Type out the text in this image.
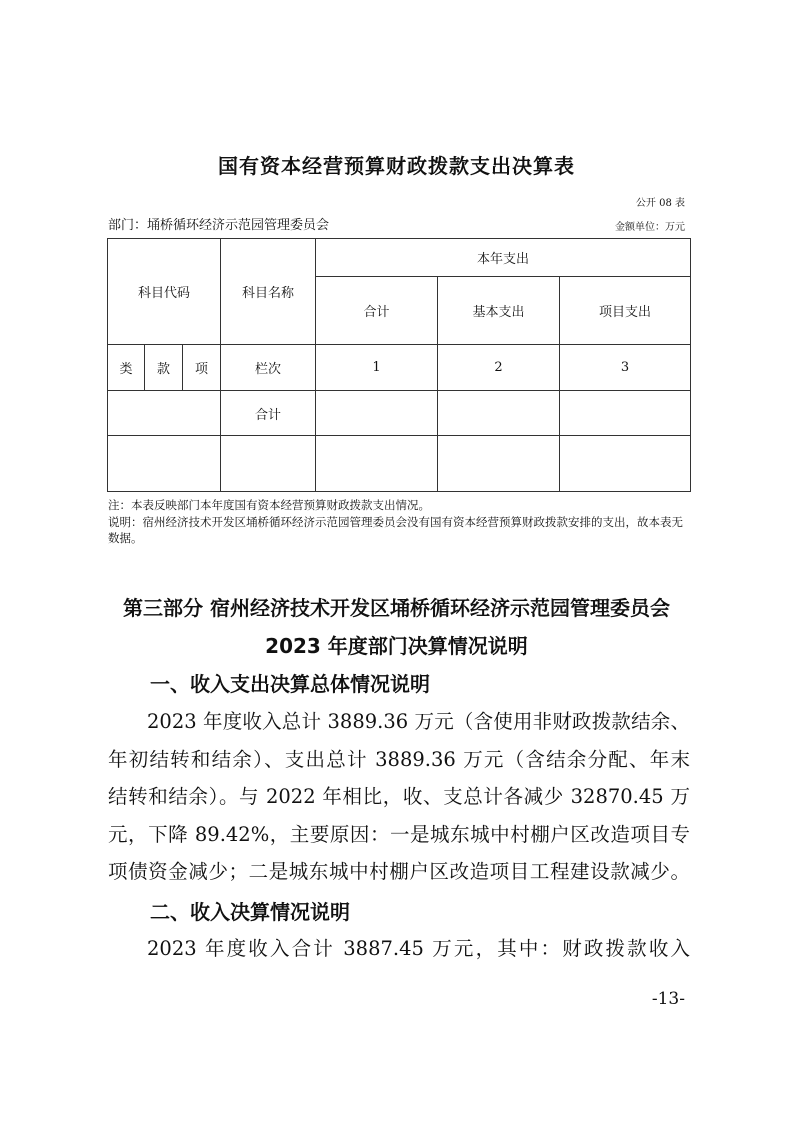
国有资本经营预算财政拨款支出决算表
公开 08 表
部门：埇桥循环经济示范园管理委员会	金额单位：万元
科目代码			科目名称	本年支出		
				合计	基本支出	项目支出
类	款	项	栏次	1	2	3
			合计			

注：本表反映部门本年度国有资本经营预算财政拨款支出情况。
说明：宿州经济技术开发区埇桥循环经济示范园管理委员会没有国有资本经营预算财政拨款安排的支出，故本表无数据。
第三部分 宿州经济技术开发区埇桥循环经济示范园管理委员会
2023 年度部门决算情况说明
一、收入支出决算总体情况说明
2023 年度收入总计 3889.36 万元（含使用非财政拨款结余、
年初结转和结余）、支出总计 3889.36 万元（含结余分配、年末
结转和结余）。与 2022 年相比，收、支总计各减少 32870.45 万
元，下降 89.42%，主要原因：一是城东城中村棚户区改造项目专
项债资金减少；二是城东城中村棚户区改造项目工程建设款减少。
二、收入决算情况说明
2023 年度收入合计 3887.45 万元，其中：财政拨款收入
-13-
